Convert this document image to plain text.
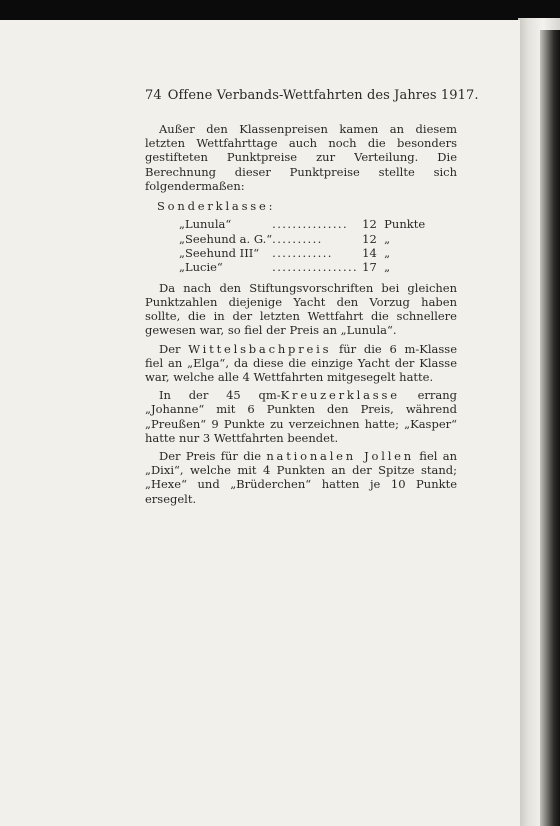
74 Offene Verbands-Wettfahrten des Jahres 1917.

Außer den Klassenpreisen kamen an diesem letzten Wettfahrttage auch noch die besonders gestifteten Punktpreise zur Verteilung. Die Berechnung dieser Punktpreise stellte sich folgendermaßen:

Sonderklasse:
„Lunula“	...............	12	Punkte
„Seehund a. G.“	..........	12	„
„Seehund III“	............	14	„
„Lucie“	.................	17	„

Da nach den Stiftungsvorschriften bei gleichen Punktzahlen diejenige Yacht den Vorzug haben sollte, die in der letzten Wettfahrt die schnellere gewesen war, so fiel der Preis an „Lunula“.

Der Wittelsbachpreis für die 6 m-Klasse fiel an „Elga“, da diese die einzige Yacht der Klasse war, welche alle 4 Wettfahrten mitgesegelt hatte.

In der 45 qm-Kreuzerklasse errang „Johanne“ mit 6 Punkten den Preis, während „Preußen“ 9 Punkte zu verzeichnen hatte; „Kasper“ hatte nur 3 Wettfahrten beendet.

Der Preis für die nationalen Jollen fiel an „Dixi“, welche mit 4 Punkten an der Spitze stand; „Hexe“ und „Brüderchen“ hatten je 10 Punkte ersegelt.
